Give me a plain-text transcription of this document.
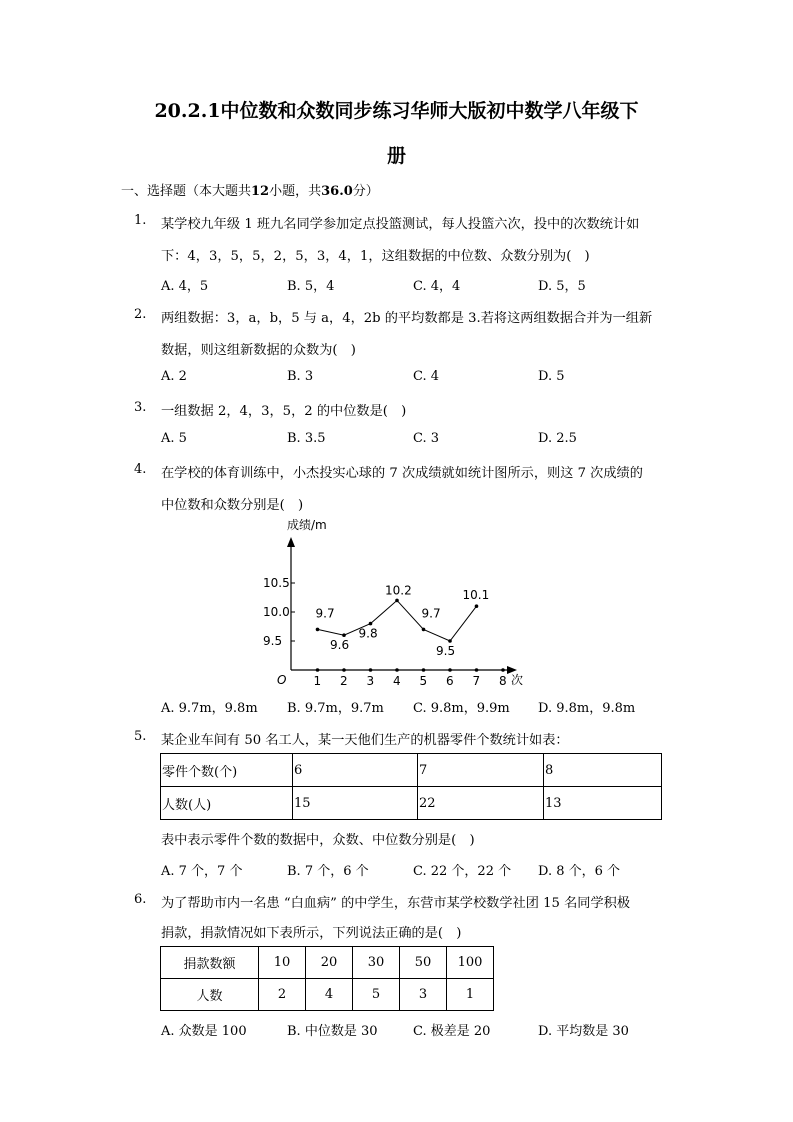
20.2.1中位数和众数同步练习华师大版初中数学八年级下
册
一、选择题（本大题共12小题，共36.0分）
1. 某学校九年级 1 班九名同学参加定点投篮测试，每人投篮六次，投中的次数统计如
下：4，3，5，5，2，5，3，4，1，这组数据的中位数、众数分别为(　)
A. 4，5	B. 5，4	C. 4，4	D. 5，5
2. 两组数据：3，a，b，5 与 a，4，2b 的平均数都是 3.若将这两组数据合并为一组新
数据，则这组新数据的众数为(　)
A. 2	B. 3	C. 4	D. 5
3. 一组数据 2，4，3，5，2 的中位数是(　)
A. 5	B. 3.5	C. 3	D. 2.5
4. 在学校的体育训练中，小杰投实心球的 7 次成绩就如统计图所示，则这 7 次成绩的
中位数和众数分别是(　)
成绩/m
次
O
9.5
10.0
10.5
1 2 3 4 5 6 7 8
9.7
9.6
9.8
10.2
9.7
9.5
10.1
A. 9.7m，9.8m B. 9.7m，9.7m C. 9.8m，9.9m D. 9.8m，9.8m
5. 某企业车间有 50 名工人，某一天他们生产的机器零件个数统计如表：
零件个数(个)	6	7	8
人数(人)	15	22	13
表中表示零件个数的数据中，众数、中位数分别是(　)
A. 7 个，7 个	B. 7 个，6 个	C. 22 个，22 个 D. 8 个，6 个
6. 为了帮助市内一名患 “白血病” 的中学生，东营市某学校数学社团 15 名同学积极
捐款，捐款情况如下表所示，下列说法正确的是(　)
捐款数额	10	20	30	50	100
人数	2	4	5	3	1
A. 众数是 100	B. 中位数是 30	C. 极差是 20	D. 平均数是 30
